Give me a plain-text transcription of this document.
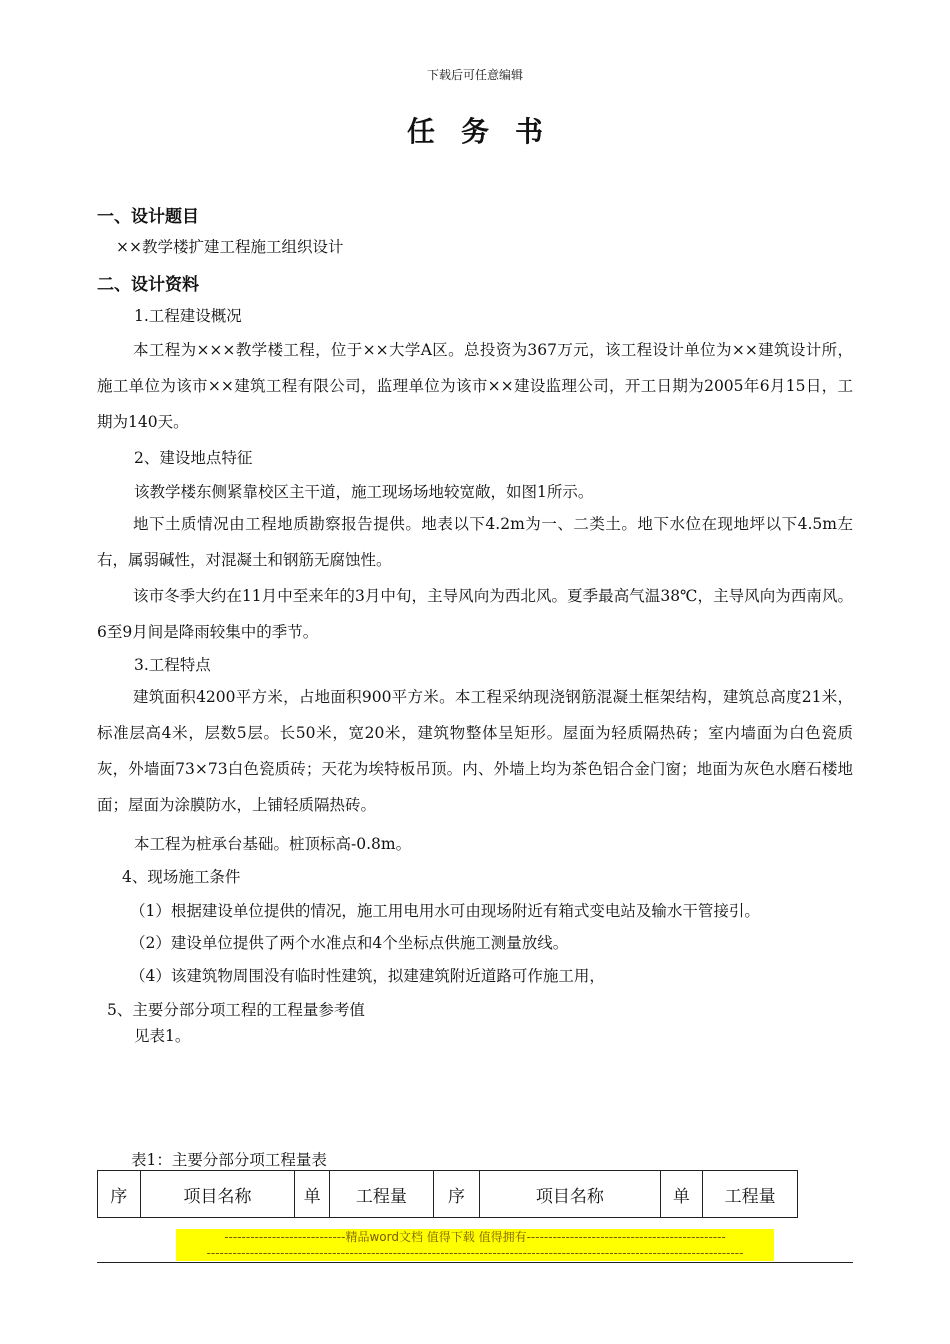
下载后可任意编辑
任务书
一、设计题目
××教学楼扩建工程施工组织设计
二、设计资料
1.工程建设概况
本工程为×××教学楼工程，位于××大学A区。总投资为367万元，该工程设计单位为××建筑设计所，施工单位为该市××建筑工程有限公司，监理单位为该市××建设监理公司，开工日期为2005年6月15日，工期为140天。
2、建设地点特征
该教学楼东侧紧靠校区主干道，施工现场场地较宽敞，如图1所示。
地下土质情况由工程地质勘察报告提供。地表以下4.2m为一、二类土。地下水位在现地坪以下4.5m左右，属弱碱性，对混凝土和钢筋无腐蚀性。
该市冬季大约在11月中至来年的3月中旬，主导风向为西北风。夏季最高气温38℃，主导风向为西南风。6至9月间是降雨较集中的季节。
3.工程特点
建筑面积4200平方米，占地面积900平方米。本工程采纳现浇钢筋混凝土框架结构，建筑总高度21米，标准层高4米，层数5层。长50米，宽20米，建筑物整体呈矩形。屋面为轻质隔热砖；室内墙面为白色瓷质灰，外墙面73×73白色瓷质砖；天花为埃特板吊顶。内、外墙上均为茶色铝合金门窗；地面为灰色水磨石楼地面；屋面为涂膜防水，上铺轻质隔热砖。
本工程为桩承台基础。桩顶标高-0.8m。
4、现场施工条件
（1）根据建设单位提供的情况，施工用电用水可由现场附近有箱式变电站及输水干管接引。
（2）建设单位提供了两个水准点和4个坐标点供施工测量放线。
（4）该建筑物周围没有临时性建筑，拟建建筑附近道路可作施工用，
5、主要分部分项工程的工程量参考值
见表1。
表1：主要分部分项工程量表
序	项目名称	单	工程量	序	项目名称	单	工程量
----------------------------精品word文档 值得下载 值得拥有----------------------------------------------
----------------------------------------------------------------------------------------------------------------------------
